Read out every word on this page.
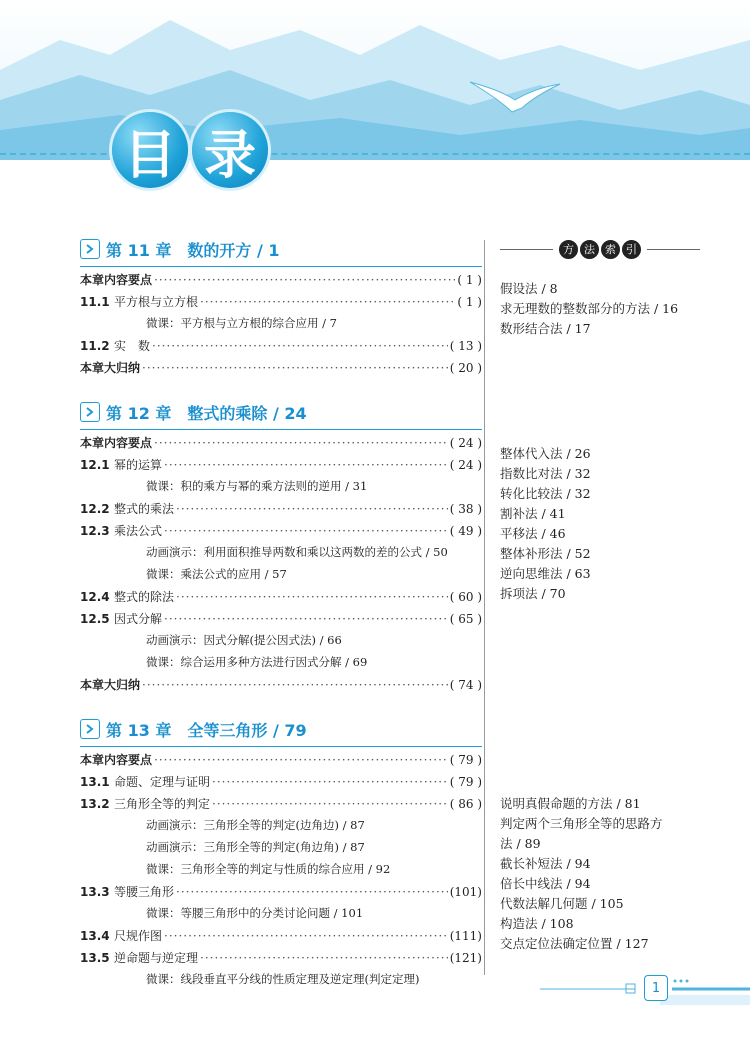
目 录
第 11 章　数的开方 / 1
本章内容要点 ·····	( 1 )
11.1 平方根与立方根 ·····	( 1 )
微课：平方根与立方根的综合应用 / 7
11.2 实　数 ·····	( 13 )
本章大归纳 ·····	( 20 )
第 12 章　整式的乘除 / 24
本章内容要点 ·····	( 24 )
12.1 幂的运算 ·····	( 24 )
微课：积的乘方与幂的乘方法则的逆用 / 31
12.2 整式的乘法 ·····	( 38 )
12.3 乘法公式 ·····	( 49 )
动画演示：利用面积推导两数和乘以这两数的差的公式 / 50
微课：乘法公式的应用 / 57
12.4 整式的除法 ·····	( 60 )
12.5 因式分解 ·····	( 65 )
动画演示：因式分解(提公因式法) / 66
微课：综合运用多种方法进行因式分解 / 69
本章大归纳 ·····	( 74 )
第 13 章　全等三角形 / 79
本章内容要点 ·····	( 79 )
13.1 命题、定理与证明 ·····	( 79 )
13.2 三角形全等的判定 ·····	( 86 )
动画演示：三角形全等的判定(边角边) / 87
动画演示：三角形全等的判定(角边角) / 87
微课：三角形全等的判定与性质的综合应用 / 92
13.3 等腰三角形 ·····	(101)
微课：等腰三角形中的分类讨论问题 / 101
13.4 尺规作图 ·····	(111)
13.5 逆命题与逆定理 ·····	(121)
微课：线段垂直平分线的性质定理及逆定理(判定定理)
方 法 索 引
假设法 / 8
求无理数的整数部分的方法 / 16
数形结合法 / 17
整体代入法 / 26
指数比对法 / 32
转化比较法 / 32
割补法 / 41
平移法 / 46
整体补形法 / 52
逆向思维法 / 63
拆项法 / 70
说明真假命题的方法 / 81
判定两个三角形全等的思路方
法 / 89
截长补短法 / 94
倍长中线法 / 94
代数法解几何题 / 105
构造法 / 108
交点定位法确定位置 / 127
1
